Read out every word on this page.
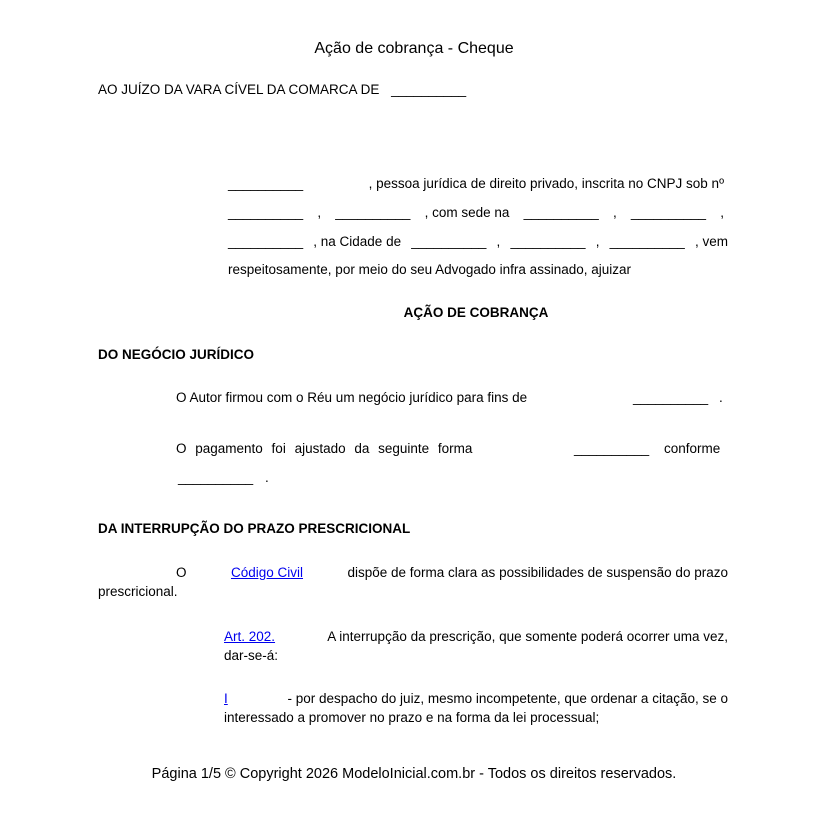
Ação de cobrança - Cheque
AO JUÍZO DA VARA CÍVEL DA COMARCA DE __________
__________	, pessoa jurídica de direito privado, inscrita no CNPJ sob nº
__________ , __________ , com sede na __________ , __________ ,
__________ , na Cidade de __________ , __________ , __________ , vem
respeitosamente, por meio do seu Advogado infra assinado, ajuizar
AÇÃO DE COBRANÇA
DO NEGÓCIO JURÍDICO
O Autor firmou com o Réu um negócio jurídico para fins de	__________ .
O pagamento foi ajustado da seguinte forma	__________ conforme
__________ .
DA INTERRUPÇÃO DO PRAZO PRESCRICIONAL
O	Código Civil	dispõe de forma clara as possibilidades de suspensão do prazo
prescricional.
Art. 202.	A interrupção da prescrição, que somente poderá ocorrer uma vez,
dar-se-á:
I	- por despacho do juiz, mesmo incompetente, que ordenar a citação, se o
interessado a promover no prazo e na forma da lei processual;
Página 1/5 © Copyright 2026 ModeloInicial.com.br - Todos os direitos reservados.
